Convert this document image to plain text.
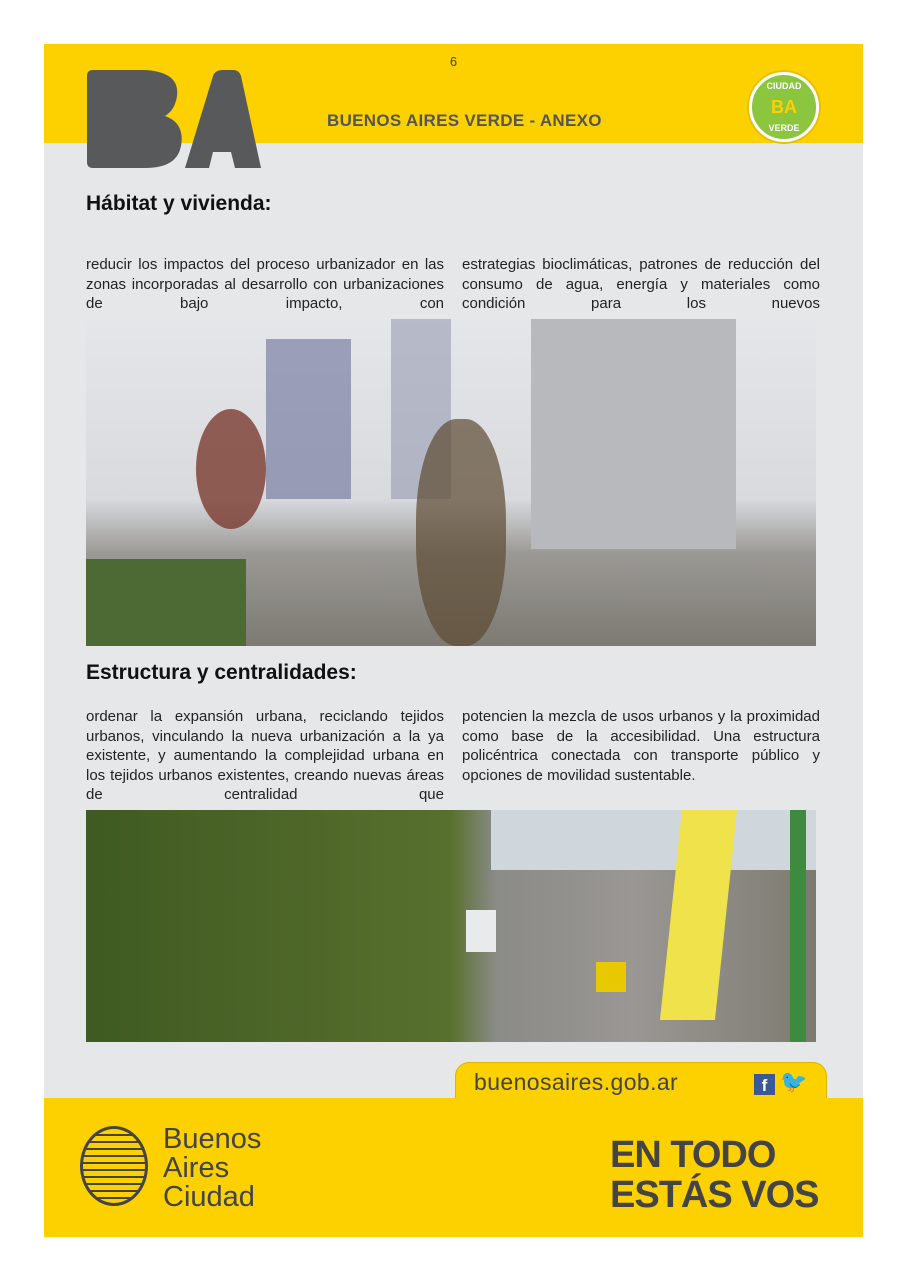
6
BUENOS AIRES VERDE - ANEXO
CIUDAD
BA
VERDE
Hábitat y vivienda:
reducir los impactos del proceso urbanizador en las zonas incorporadas al desarrollo con urbanizaciones de bajo impacto, con
estrategias bioclimáticas, patrones de reducción del consumo de agua, energía y materiales como condición para los nuevos
Estructura y centralidades:
ordenar la expansión urbana, reciclando tejidos urbanos, vinculando la nueva urbanización a la ya existente, y aumentando la complejidad urbana en los tejidos urbanos existentes, creando nuevas áreas de centralidad que
potencien la mezcla de usos urbanos y la proximidad como base de la accesibilidad. Una estructura policéntrica conectada con transporte público y opciones de movilidad sustentable.
buenosaires.gob.ar	f 🐦
Buenos
Aires
Ciudad
EN TODO
ESTÁS VOS
